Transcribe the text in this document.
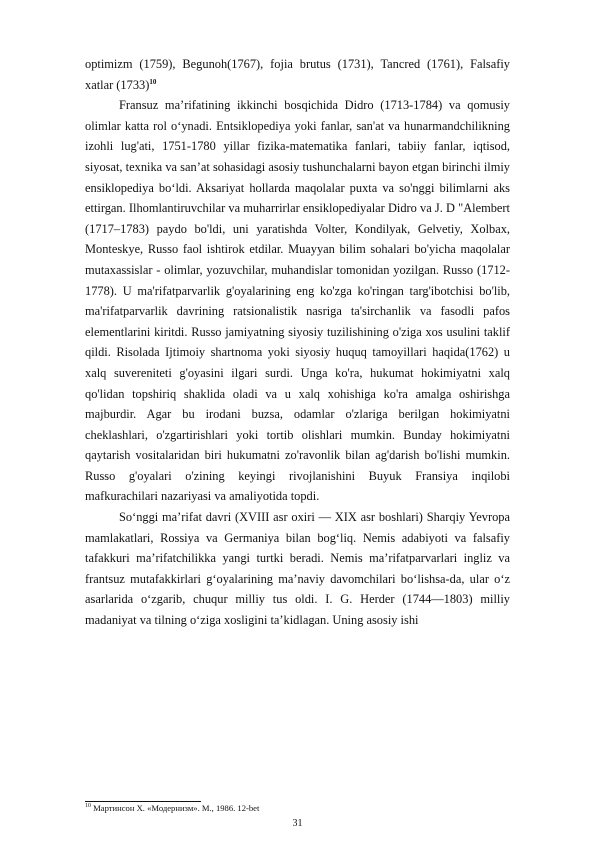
optimizm (1759), Begunoh(1767), fojia brutus (1731), Tancred (1761), Falsafiy xatlar $(1733)^{10}$

Fransuz maʼrifatining ikkinchi bosqichida Didro (1713-1784) va qomusiy olimlar katta rol oʻynadi. Entsiklopediya yoki fanlar, san'at va hunarmandchilikning izohli lug'ati, 1751-1780 yillar fizika-matematika fanlari, tabiiy fanlar, iqtisod, siyosat, texnika va sanʼat sohasidagi asosiy tushunchalarni bayon etgan birinchi ilmiy ensiklopediya boʻldi. Aksariyat hollarda maqolalar puxta va so'nggi bilimlarni aks ettirgan. Ilhomlantiruvchilar va muharrirlar ensiklopediyalar Didro va J. D "Alembert (1717–1783) paydo bo'ldi, uni yaratishda Volter, Kondilyak, Gelvetiy, Xolbax, Monteskye, Russo faol ishtirok etdilar. Muayyan bilim sohalari bo'yicha maqolalar mutaxassislar - olimlar, yozuvchilar, muhandislar tomonidan yozilgan. Russo (1712-1778). U ma'rifatparvarlik g'oyalarining eng ko'zga ko'ringan targ'ibotchisi bo'lib, ma'rifatparvarlik davrining ratsionalistik nasriga ta'sirchanlik va fasodli pafos elementlarini kiritdi. Russo jamiyatning siyosiy tuzilishining o'ziga xos usulini taklif qildi. Risolada Ijtimoiy shartnoma yoki siyosiy huquq tamoyillari haqida(1762) u xalq suvereniteti g'oyasini ilgari surdi. Unga ko'ra, hukumat hokimiyatni xalq qo'lidan topshiriq shaklida oladi va u xalq xohishiga ko'ra amalga oshirishga majburdir. Agar bu irodani buzsa, odamlar o'zlariga berilgan hokimiyatni cheklashlari, o'zgartirishlari yoki tortib olishlari mumkin. Bunday hokimiyatni qaytarish vositalaridan biri hukumatni zo'ravonlik bilan ag'darish bo'lishi mumkin. Russo g'oyalari o'zining keyingi rivojlanishini Buyuk Fransiya inqilobi mafkurachilari nazariyasi va amaliyotida topdi.

Soʻnggi maʼrifat davri (XVIII asr oxiri — XIX asr boshlari) Sharqiy Yevropa mamlakatlari, Rossiya va Germaniya bilan bogʻliq. Nemis adabiyoti va falsafiy tafakkuri maʼrifatchilikka yangi turtki beradi. Nemis maʼrifatparvarlari ingliz va frantsuz mutafakkirlari gʻoyalarining maʼnaviy davomchilari boʻlishsa-da, ular oʻz asarlarida oʻzgarib, chuqur milliy tus oldi. I. G. Herder (1744—1803) milliy madaniyat va tilning oʻziga xosligini taʼkidlagan. Uning asosiy ishi

$^{10}$ Мартинсон Х. «Модернизм». М., 1986. 12-bet

31
